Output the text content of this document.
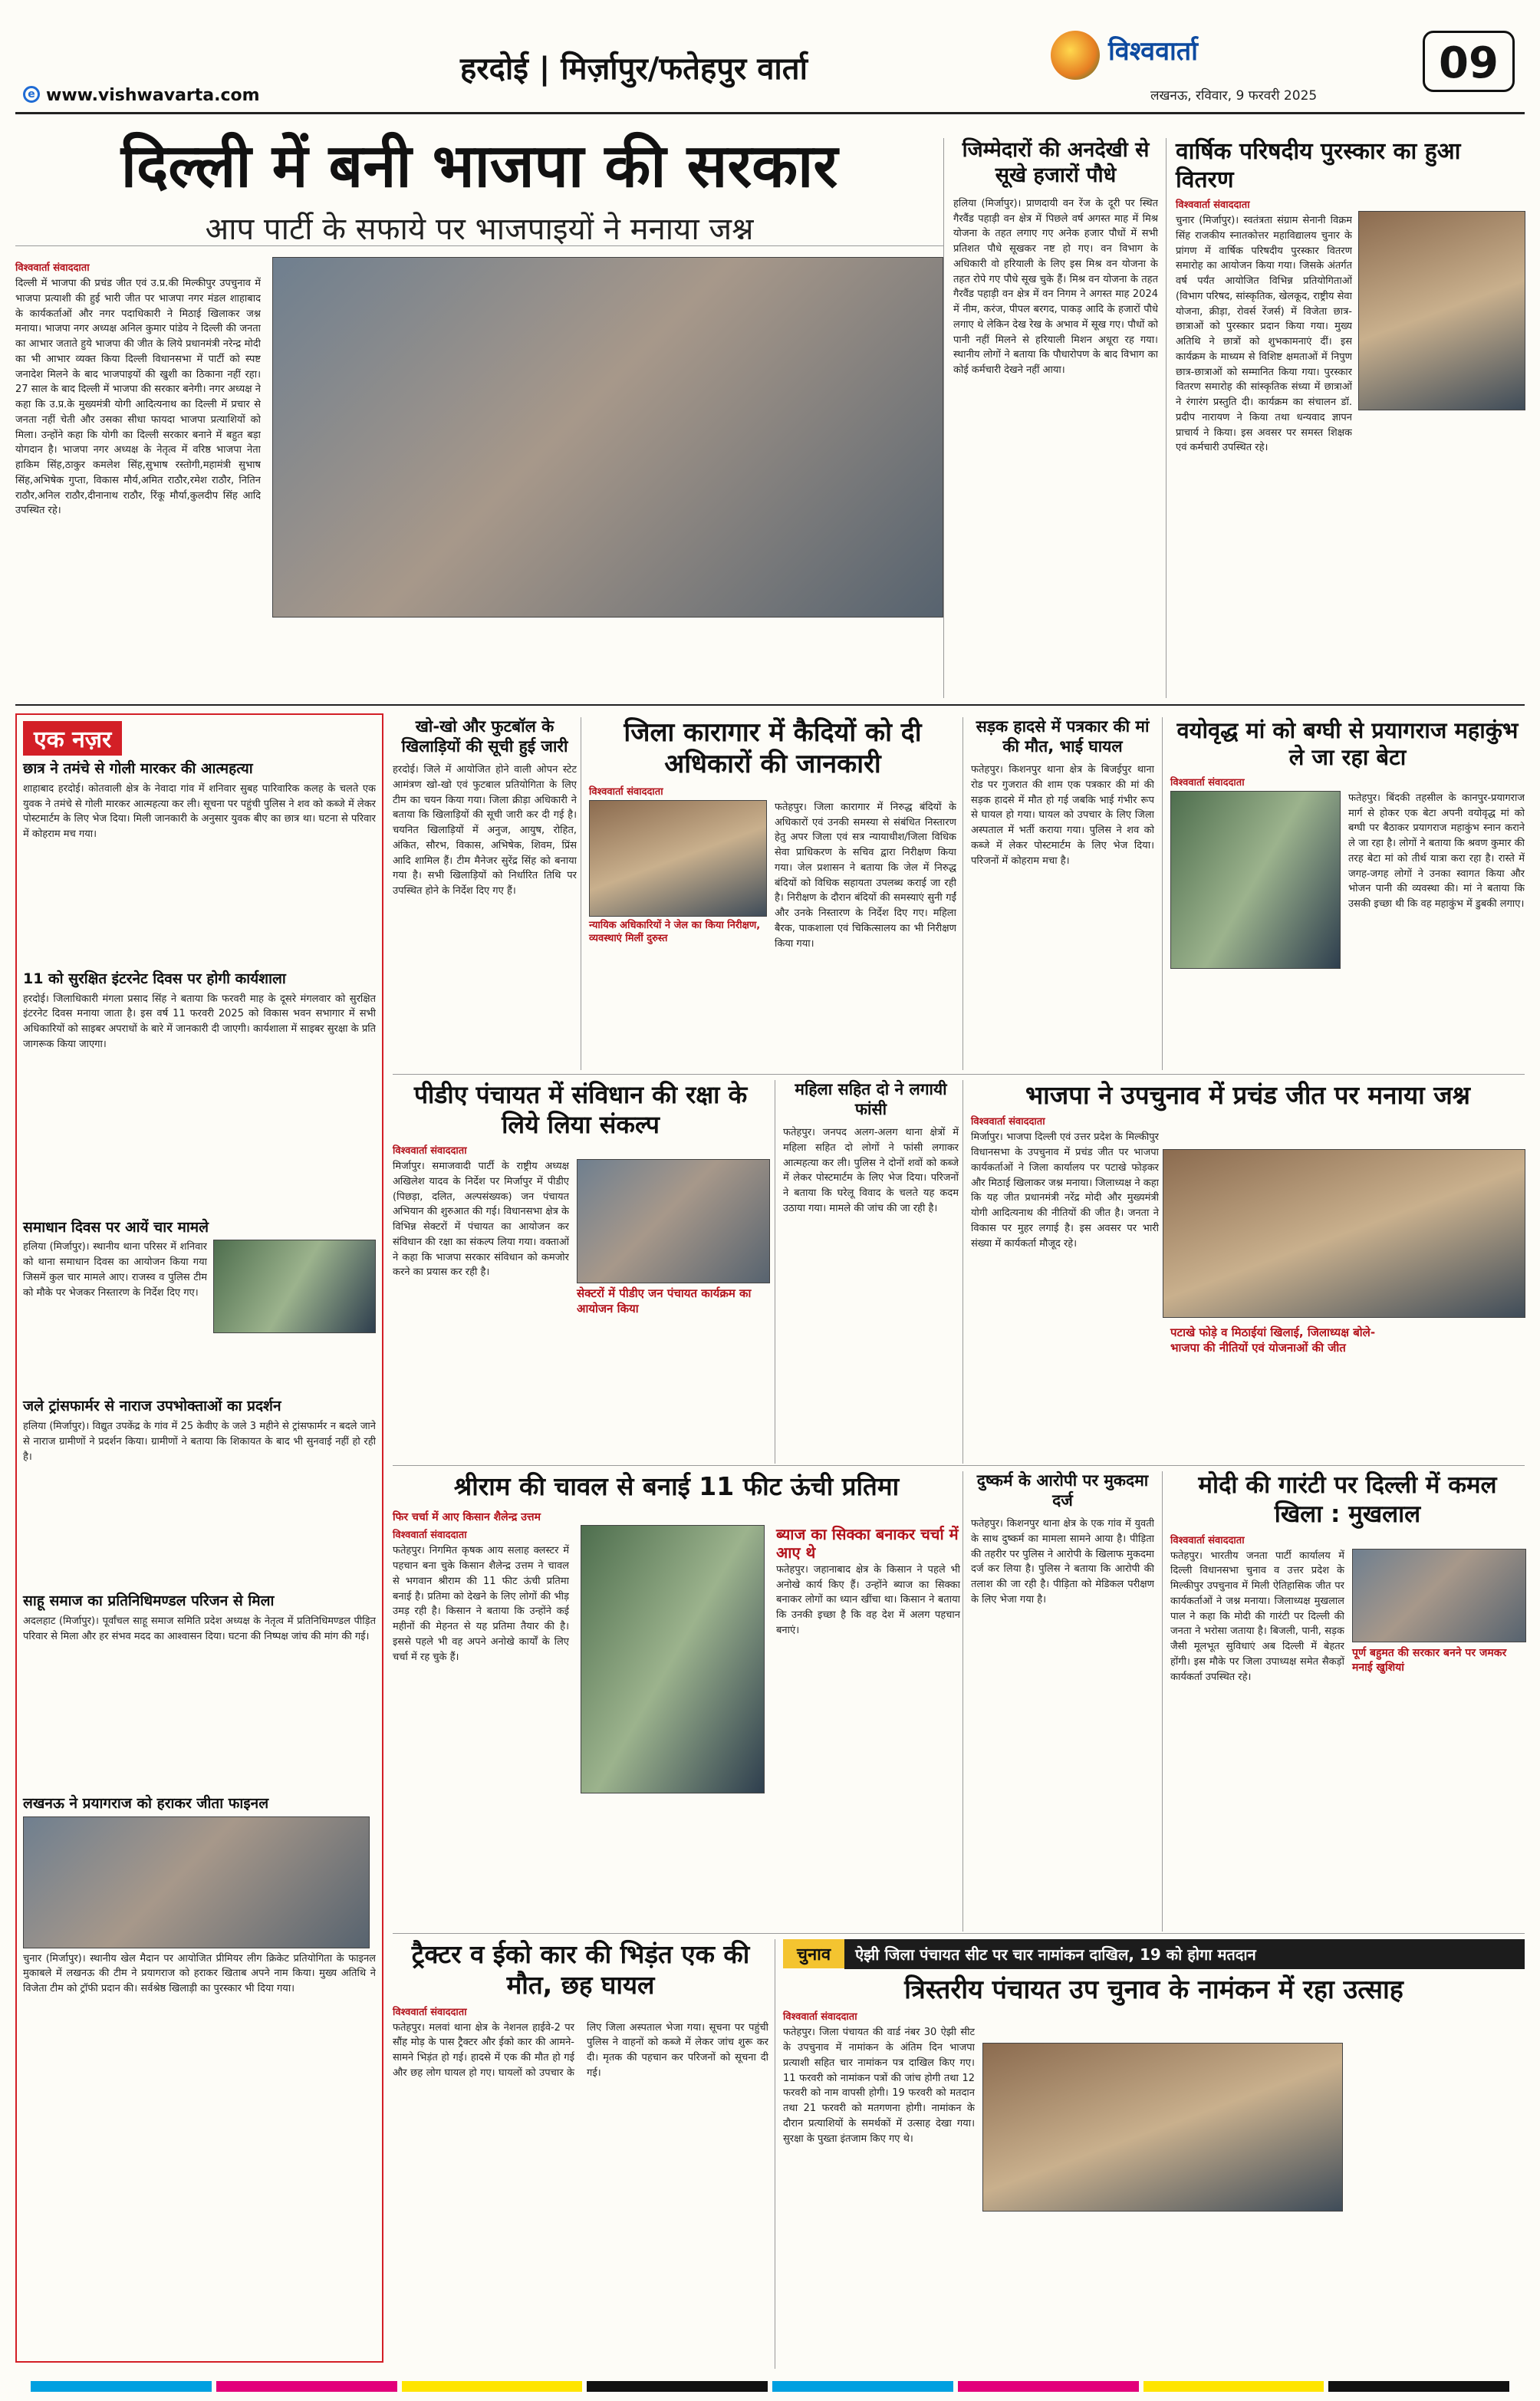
हरदोई | मिर्ज़ापुर/फतेहपुर वार्ता
e www.vishwavarta.com
विश्ववार्ता
लखनऊ, रविवार, 9 फरवरी 2025
09
दिल्ली में बनी भाजपा की सरकार
आप पार्टी के सफाये पर भाजपाइयों ने मनाया जश्न
विश्ववार्ता संवाददाता

दिल्ली में भाजपा की प्रचंड जीत एवं उ.प्र.की मिल्कीपुर उपचुनाव में भाजपा प्रत्याशी की हुई भारी जीत पर भाजपा नगर मंडल शाहाबाद के कार्यकर्ताओं और नगर पदाधिकारी ने मिठाई खिलाकर जश्न मनाया। भाजपा नगर अध्यक्ष अनिल कुमार पांडेय ने दिल्ली की जनता का आभार जताते हुये भाजपा की जीत के लिये प्रधानमंत्री नरेन्द्र मोदी का भी आभार व्यक्त किया दिल्ली विधानसभा में पार्टी को स्पष्ट जनादेश मिलने के बाद भाजपाइयों की खुशी का ठिकाना नहीं रहा।27 साल के बाद दिल्ली में भाजपा की सरकार बनेगी। नगर अध्यक्ष ने कहा कि उ.प्र.के मुख्यमंत्री योगी आदित्यनाथ का दिल्ली में प्रचार से जनता नहीं चेती और उसका सीधा फायदा भाजपा प्रत्याशियों को मिला। उन्होंने कहा कि योगी का दिल्ली सरकार बनाने में बहुत बड़ा योगदान है। भाजपा नगर अध्यक्ष के नेतृत्व में वरिष्ठ भाजपा नेता हाकिम सिंह,ठाकुर कमलेश सिंह,सुभाष रस्तोगी,महामंत्री सुभाष सिंह,अभिषेक गुप्ता, विकास मौर्य,अमित राठौर,रमेश राठौर, नितिन राठौर,अनिल राठौर,दीनानाथ राठौर, रिंकू मौर्या,कुलदीप सिंह आदि उपस्थित रहे।

जिम्मेदारों की अनदेखी से सूखे हजारों पौधे

हलिया (मिर्जापुर)। प्राणदायी वन रेंज के दूरी पर स्थित गैरवैंड पहाड़ी वन क्षेत्र में पिछले वर्ष अगस्त माह में मिश्र योजना के तहत लगाए गए अनेक हजार पौधों में सभी प्रतिशत पौधे सूखकर नष्ट हो गए। वन विभाग के अधिकारी वो हरियाली के लिए इस मिश्र वन योजना के तहत रोपे गए पौधे सूख चुके हैं। मिश्र वन योजना के तहत गैरवैंड पहाड़ी वन क्षेत्र में वन निगम ने अगस्त माह 2024 में नीम, करंज, पीपल बरगद, पाकड़ आदि के हजारों पौधे लगाए थे लेकिन देख रेख के अभाव में सूख गए। पौधों को पानी नहीं मिलने से हरियाली मिशन अधूरा रह गया। स्थानीय लोगों ने बताया कि पौधारोपण के बाद विभाग का कोई कर्मचारी देखने नहीं आया।

वार्षिक परिषदीय पुरस्कार का हुआ वितरण
विश्ववार्ता संवाददाता

चुनार (मिर्जापुर)। स्वतंत्रता संग्राम सेनानी विक्रम सिंह राजकीय स्नातकोत्तर महाविद्यालय चुनार के प्रांगण में वार्षिक परिषदीय पुरस्कार वितरण समारोह का आयोजन किया गया। जिसके अंतर्गत वर्ष पर्यंत आयोजित विभिन्न प्रतियोगिताओं (विभाग परिषद, सांस्कृतिक, खेलकूद, राष्ट्रीय सेवा योजना, क्रीड़ा, रोवर्स रेंजर्स) में विजेता छात्र-छात्राओं को पुरस्कार प्रदान किया गया। मुख्य अतिथि ने छात्रों को शुभकामनाएं दीं। इस कार्यक्रम के माध्यम से विशिष्ट क्षमताओं में निपुण छात्र-छात्राओं को सम्मानित किया गया। पुरस्कार वितरण समारोह की सांस्कृतिक संध्या में छात्राओं ने रंगारंग प्रस्तुति दी। कार्यक्रम का संचालन डॉ. प्रदीप नारायण ने किया तथा धन्यवाद ज्ञापन प्राचार्य ने किया। इस अवसर पर समस्त शिक्षक एवं कर्मचारी उपस्थित रहे।

एक नज़र
छात्र ने तमंचे से गोली मारकर की आत्महत्या

शाहाबाद हरदोई। कोतवाली क्षेत्र के नेवादा गांव में शनिवार सुबह पारिवारिक कलह के चलते एक युवक ने तमंचे से गोली मारकर आत्महत्या कर ली। सूचना पर पहुंची पुलिस ने शव को कब्जे में लेकर पोस्टमार्टम के लिए भेज दिया। मिली जानकारी के अनुसार युवक बीए का छात्र था। घटना से परिवार में कोहराम मच गया।

11 को सुरक्षित इंटरनेट दिवस पर होगी कार्यशाला

हरदोई। जिलाधिकारी मंगला प्रसाद सिंह ने बताया कि फरवरी माह के दूसरे मंगलवार को सुरक्षित इंटरनेट दिवस मनाया जाता है। इस वर्ष 11 फरवरी 2025 को विकास भवन सभागार में सभी अधिकारियों को साइबर अपराधों के बारे में जानकारी दी जाएगी। कार्यशाला में साइबर सुरक्षा के प्रति जागरूक किया जाएगा।

समाधान दिवस पर आयें चार मामले

हलिया (मिर्जापुर)। स्थानीय थाना परिसर में शनिवार को थाना समाधान दिवस का आयोजन किया गया जिसमें कुल चार मामले आए। राजस्व व पुलिस टीम को मौके पर भेजकर निस्तारण के निर्देश दिए गए।

जले ट्रांसफार्मर से नाराज उपभोक्ताओं का प्रदर्शन

हलिया (मिर्जापुर)। विद्युत उपकेंद्र के गांव में 25 केवीए के जले 3 महीने से ट्रांसफार्मर न बदले जाने से नाराज ग्रामीणों ने प्रदर्शन किया। ग्रामीणों ने बताया कि शिकायत के बाद भी सुनवाई नहीं हो रही है।

साहू समाज का प्रतिनिधिमण्डल परिजन से मिला

अदलहाट (मिर्जापुर)। पूर्वांचल साहू समाज समिति प्रदेश अध्यक्ष के नेतृत्व में प्रतिनिधिमण्डल पीड़ित परिवार से मिला और हर संभव मदद का आश्वासन दिया। घटना की निष्पक्ष जांच की मांग की गई।

लखनऊ ने प्रयागराज को हराकर जीता फाइनल

चुनार (मिर्जापुर)। स्थानीय खेल मैदान पर आयोजित प्रीमियर लीग क्रिकेट प्रतियोगिता के फाइनल मुकाबले में लखनऊ की टीम ने प्रयागराज को हराकर खिताब अपने नाम किया। मुख्य अतिथि ने विजेता टीम को ट्रॉफी प्रदान की। सर्वश्रेष्ठ खिलाड़ी का पुरस्कार भी दिया गया।

खो-खो और फुटबॉल के खिलाड़ियों की सूची हुई जारी

हरदोई। जिले में आयोजित होने वाली ओपन स्टेट आमंत्रण खो-खो एवं फुटबाल प्रतियोगिता के लिए टीम का चयन किया गया। जिला क्रीड़ा अधिकारी ने बताया कि खिलाड़ियों की सूची जारी कर दी गई है। चयनित खिलाड़ियों में अनुज, आयुष, रोहित, अंकित, सौरभ, विकास, अभिषेक, शिवम, प्रिंस आदि शामिल हैं। टीम मैनेजर सुरेंद्र सिंह को बनाया गया है। सभी खिलाड़ियों को निर्धारित तिथि पर उपस्थित होने के निर्देश दिए गए हैं।

जिला कारागार में कैदियों को दी अधिकारों की जानकारी
विश्ववार्ता संवाददाता
न्यायिक अधिकारियों ने जेल का किया निरीक्षण, व्यवस्थाएं मिलीं दुरुस्त

फतेहपुर। जिला कारागार में निरुद्ध बंदियों के अधिकारों एवं उनकी समस्या से संबंधित निस्तारण हेतु अपर जिला एवं सत्र न्यायाधीश/जिला विधिक सेवा प्राधिकरण के सचिव द्वारा निरीक्षण किया गया। जेल प्रशासन ने बताया कि जेल में निरुद्ध बंदियों को विधिक सहायता उपलब्ध कराई जा रही है। निरीक्षण के दौरान बंदियों की समस्याएं सुनी गईं और उनके निस्तारण के निर्देश दिए गए। महिला बैरक, पाकशाला एवं चिकित्सालय का भी निरीक्षण किया गया।

सड़क हादसे में पत्रकार की मां की मौत, भाई घायल

फतेहपुर। किशनपुर थाना क्षेत्र के बिजईपुर थाना रोड पर गुजरात की शाम एक पत्रकार की मां की सड़क हादसे में मौत हो गई जबकि भाई गंभीर रूप से घायल हो गया। घायल को उपचार के लिए जिला अस्पताल में भर्ती कराया गया। पुलिस ने शव को कब्जे में लेकर पोस्टमार्टम के लिए भेज दिया। परिजनों में कोहराम मचा है।

वयोवृद्ध मां को बग्घी से प्रयागराज महाकुंभ ले जा रहा बेटा
विश्ववार्ता संवाददाता

फतेहपुर। बिंदकी तहसील के कानपुर-प्रयागराज मार्ग से होकर एक बेटा अपनी वयोवृद्ध मां को बग्घी पर बैठाकर प्रयागराज महाकुंभ स्नान कराने ले जा रहा है। लोगों ने बताया कि श्रवण कुमार की तरह बेटा मां को तीर्थ यात्रा करा रहा है। रास्ते में जगह-जगह लोगों ने उनका स्वागत किया और भोजन पानी की व्यवस्था की। मां ने बताया कि उसकी इच्छा थी कि वह महाकुंभ में डुबकी लगाए।

पीडीए पंचायत में संविधान की रक्षा के लिये लिया संकल्प
विश्ववार्ता संवाददाता
सेक्टरों में पीडीए जन पंचायत कार्यक्रम का आयोजन किया

मिर्जापुर। समाजवादी पार्टी के राष्ट्रीय अध्यक्ष अखिलेश यादव के निर्देश पर मिर्जापुर में पीडीए (पिछड़ा, दलित, अल्पसंख्यक) जन पंचायत अभियान की शुरुआत की गई। विधानसभा क्षेत्र के विभिन्न सेक्टरों में पंचायत का आयोजन कर संविधान की रक्षा का संकल्प लिया गया। वक्ताओं ने कहा कि भाजपा सरकार संविधान को कमजोर करने का प्रयास कर रही है।

महिला सहित दो ने लगायी फांसी

फतेहपुर। जनपद अलग-अलग थाना क्षेत्रों में महिला सहित दो लोगों ने फांसी लगाकर आत्महत्या कर ली। पुलिस ने दोनों शवों को कब्जे में लेकर पोस्टमार्टम के लिए भेज दिया। परिजनों ने बताया कि घरेलू विवाद के चलते यह कदम उठाया गया। मामले की जांच की जा रही है।

भाजपा ने उपचुनाव में प्रचंड जीत पर मनाया जश्न
विश्ववार्ता संवाददाता
पटाखे फोड़े व मिठाईयां खिलाई, जिलाध्यक्ष बोले- भाजपा की नीतियों एवं योजनाओं की जीत

मिर्जापुर। भाजपा दिल्ली एवं उत्तर प्रदेश के मिल्कीपुर विधानसभा के उपचुनाव में प्रचंड जीत पर भाजपा कार्यकर्ताओं ने जिला कार्यालय पर पटाखे फोड़कर और मिठाई खिलाकर जश्न मनाया। जिलाध्यक्ष ने कहा कि यह जीत प्रधानमंत्री नरेंद्र मोदी और मुख्यमंत्री योगी आदित्यनाथ की नीतियों की जीत है। जनता ने विकास पर मुहर लगाई है। इस अवसर पर भारी संख्या में कार्यकर्ता मौजूद रहे।

श्रीराम की चावल से बनाई 11 फीट ऊंची प्रतिमा
फिर चर्चा में आए किसान शैलेन्द्र उत्तम
ब्याज का सिक्का बनाकर चर्चा में आए थे

फतेहपुर। जहानाबाद क्षेत्र के किसान ने पहले भी अनोखे कार्य किए हैं। उन्होंने ब्याज का सिक्का बनाकर लोगों का ध्यान खींचा था। किसान ने बताया कि उनकी इच्छा है कि वह देश में अलग पहचान बनाएं।

विश्ववार्ता संवाददाता

फतेहपुर। निगमित कृषक आय सलाह क्लस्टर में पहचान बना चुके किसान शैलेन्द्र उत्तम ने चावल से भगवान श्रीराम की 11 फीट ऊंची प्रतिमा बनाई है। प्रतिमा को देखने के लिए लोगों की भीड़ उमड़ रही है। किसान ने बताया कि उन्होंने कई महीनों की मेहनत से यह प्रतिमा तैयार की है। इससे पहले भी वह अपने अनोखे कार्यों के लिए चर्चा में रह चुके हैं।

दुष्कर्म के आरोपी पर मुकदमा दर्ज

फतेहपुर। किशनपुर थाना क्षेत्र के एक गांव में युवती के साथ दुष्कर्म का मामला सामने आया है। पीड़िता की तहरीर पर पुलिस ने आरोपी के खिलाफ मुकदमा दर्ज कर लिया है। पुलिस ने बताया कि आरोपी की तलाश की जा रही है। पीड़िता को मेडिकल परीक्षण के लिए भेजा गया है।

मोदी की गारंटी पर दिल्ली में कमल खिला : मुखलाल
विश्ववार्ता संवाददाता
पूर्ण बहुमत की सरकार बनने पर जमकर मनाई खुशियां

फतेहपुर। भारतीय जनता पार्टी कार्यालय में दिल्ली विधानसभा चुनाव व उत्तर प्रदेश के मिल्कीपुर उपचुनाव में मिली ऐतिहासिक जीत पर कार्यकर्ताओं ने जश्न मनाया। जिलाध्यक्ष मुखलाल पाल ने कहा कि मोदी की गारंटी पर दिल्ली की जनता ने भरोसा जताया है। बिजली, पानी, सड़क जैसी मूलभूत सुविधाएं अब दिल्ली में बेहतर होंगी। इस मौके पर जिला उपाध्यक्ष समेत सैकड़ों कार्यकर्ता उपस्थित रहे।

ट्रैक्टर व ईको कार की भिड़ंत एक की मौत, छह घायल
विश्ववार्ता संवाददाता

फतेहपुर। मलवां थाना क्षेत्र के नेशनल हाईवे-2 पर सौंह मोड़ के पास ट्रैक्टर और ईको कार की आमने-सामने भिड़ंत हो गई। हादसे में एक की मौत हो गई और छह लोग घायल हो गए। घायलों को उपचार के लिए जिला अस्पताल भेजा गया। सूचना पर पहुंची पुलिस ने वाहनों को कब्जे में लेकर जांच शुरू कर दी। मृतक की पहचान कर परिजनों को सूचना दी गई।

चुनाव	ऐझी जिला पंचायत सीट पर चार नामांकन दाखिल, 19 को होगा मतदान
त्रिस्तरीय पंचायत उप चुनाव के नामंकन में रहा उत्साह
विश्ववार्ता संवाददाता

फतेहपुर। जिला पंचायत की वार्ड नंबर 30 ऐझी सीट के उपचुनाव में नामांकन के अंतिम दिन भाजपा प्रत्याशी सहित चार नामांकन पत्र दाखिल किए गए। 11 फरवरी को नामांकन पत्रों की जांच होगी तथा 12 फरवरी को नाम वापसी होगी। 19 फरवरी को मतदान तथा 21 फरवरी को मतगणना होगी। नामांकन के दौरान प्रत्याशियों के समर्थकों में उत्साह देखा गया। सुरक्षा के पुख्ता इंतजाम किए गए थे।
